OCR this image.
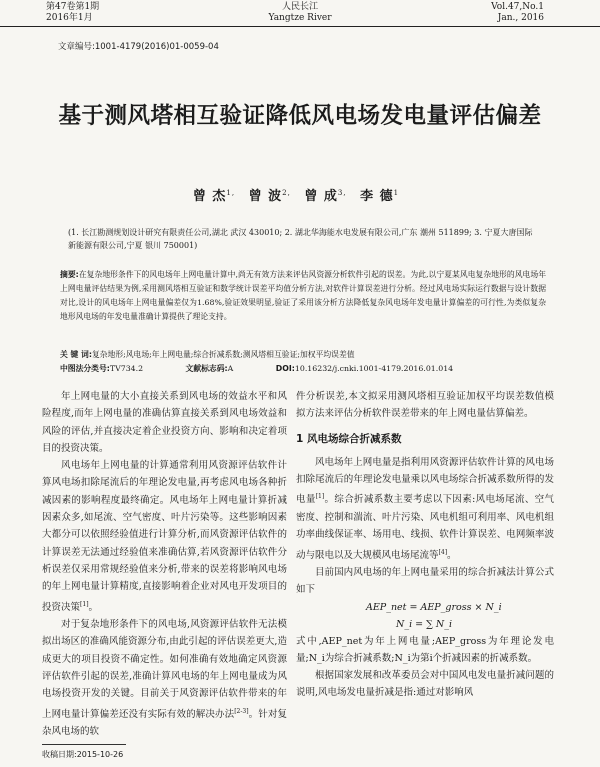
第47卷第1期
2016年1月
人民长江
Yangtze River
Vol.47,No.1
Jan., 2016
文章编号:1001-4179(2016)01-0059-04
基于测风塔相互验证降低风电场发电量评估偏差
曾 杰$^{1,}$ 曾 波$^{2,}$ 曾 成$^{3,}$ 李 德$^1$
(1. 长江勘测规划设计研究有限责任公司,湖北 武汉 430010; 2. 湖北华海能水电发展有限公司,广东 潮州 511899; 3. 宁夏大唐国际新能源有限公司,宁夏 银川 750001)
摘要:在复杂地形条件下的风电场年上网电量计算中,尚无有效方法来评估风资源分析软件引起的误差。为此,以宁夏某风电复杂地形的风电场年上网电量评估结果为例,采用测风塔相互验证和数学统计误差平均值分析方法,对软件计算误差进行分析。经过风电场实际运行数据与设计数据对比,设计的风电场年上网电量偏差仅为1.68%,验证效果明显,验证了采用该分析方法降低复杂风电场年发电量计算偏差的可行性,为类似复杂地形风电场的年发电量准确计算提供了理论支持。
关 键 词:复杂地形;风电场;年上网电量;综合折减系数;测风塔相互验证;加权平均误差值
中图法分类号:TV734.2	文献标志码:A	DOI:10.16232/j.cnki.1001-4179.2016.01.014

年上网电量的大小直接关系到风电场的效益水平和风险程度,而年上网电量的准确估算直接关系到风电场效益和风险的评估,并直接决定着企业投资方向、影响和决定着项目的投资决策。

风电场年上网电量的计算通常利用风资源评估软件计算风电场扣除尾流后的年理论发电量,再考虑风电场各种折减因素的影响程度最终确定。风电场年上网电量计算折减因素众多,如尾流、空气密度、叶片污染等。这些影响因素大都分可以依照经验值进行计算分析,而风资源评估软件的计算误差无法通过经验值来准确估算,若风资源评估软件分析误差仅采用常规经验值来分析,带来的误差将影响风电场的年上网电量计算精度,直接影响着企业对风电开发项目的投资决策[1]。

对于复杂地形条件下的风电场,风资源评估软件无法模拟出场区的准确风能资源分布,由此引起的评估误差更大,造成更大的项目投资不确定性。如何准确有效地确定风资源评估软件引起的误差,准确计算风电场的年上网电量成为风电场投资开发的关键。目前关于风资源评估软件带来的年上网电量计算偏差还没有实际有效的解决办法[2-3]。针对复杂风电场的软

件分析误差,本文拟采用测风塔相互验证加权平均误差数值模拟方法来评估分析软件误差带来的年上网电量估算偏差。

1 风电场综合折减系数

风电场年上网电量是指利用风资源评估软件计算的风电场扣除尾流后的年理论发电量乘以风电场综合折减系数所得的发电量[1]。综合折减系数主要考虑以下因素:风电场尾流、空气密度、控制和湍流、叶片污染、风电机组可利用率、风电机组功率曲线保证率、场用电、线损、软件计算误差、电网频率波动与限电以及大规模风电场尾流等[4]。

目前国内风电场的年上网电量采用的综合折减法计算公式如下

AEP_net = AEP_gross × N_i
N_i = ∑ N_i

式中,AEP_net为年上网电量;AEP_gross为年理论发电量;N_i为综合折减系数;N_i为第i个折减因素的折减系数。

根据国家发展和改革委员会对中国风电发电量折减问题的说明,风电场发电量折减是指:通过对影响风

收稿日期:2015-10-26
